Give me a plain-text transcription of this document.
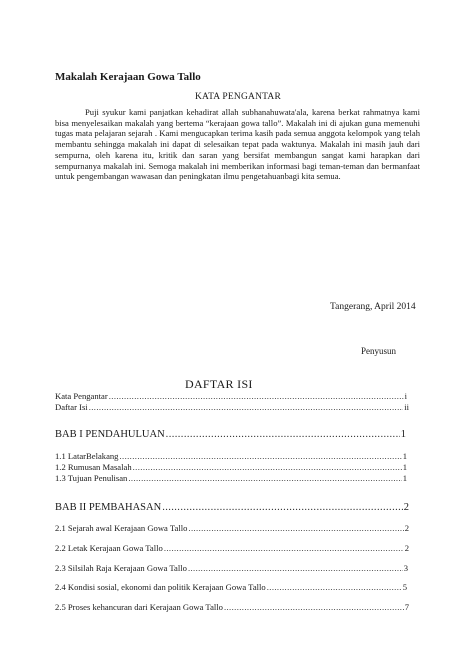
Makalah Kerajaan Gowa Tallo
KATA PENGANTAR
Puji syukur kami panjatkan kehadirat allah subhanahuwata'ala, karena berkat rahmatnya kami bisa menyelesaikan makalah yang bertema “kerajaan gowa tallo”. Makalah ini di ajukan guna memenuhi tugas mata pelajaran sejarah . Kami mengucapkan terima kasih pada semua anggota kelompok yang telah membantu sehingga makalah ini dapat di selesaikan tepat pada waktunya. Makalah ini masih jauh dari sempurna, oleh karena itu, kritik dan saran yang bersifat membangun sangat kami harapkan dari sempurnanya makalah ini. Semoga makalah ini memberikan informasi bagi teman-teman dan bermanfaat untuk pengembangan wawasan dan peningkatan ilmu pengetahuanbagi kita semua.
Tangerang, April 2014
Penyusun
DAFTAR ISI
Kata Pengantar .....	i
Daftar Isi .....	ii
BAB I PENDAHULUAN .....	1
1.1 LatarBelakang .....	1
1.2 Rumusan Masalah .....	1
1.3 Tujuan Penulisan .....	1
BAB II PEMBAHASAN .....	2
2.1 Sejarah awal Kerajaan Gowa Tallo .....	2
2.2 Letak Kerajaan Gowa Tallo .....	2
2.3 Silsilah Raja Kerajaan Gowa Tallo .....	3
2.4 Kondisi sosial, ekonomi dan politik Kerajaan Gowa Tallo .....	5
2.5 Proses kehancuran dari Kerajaan Gowa Tallo .....	7
